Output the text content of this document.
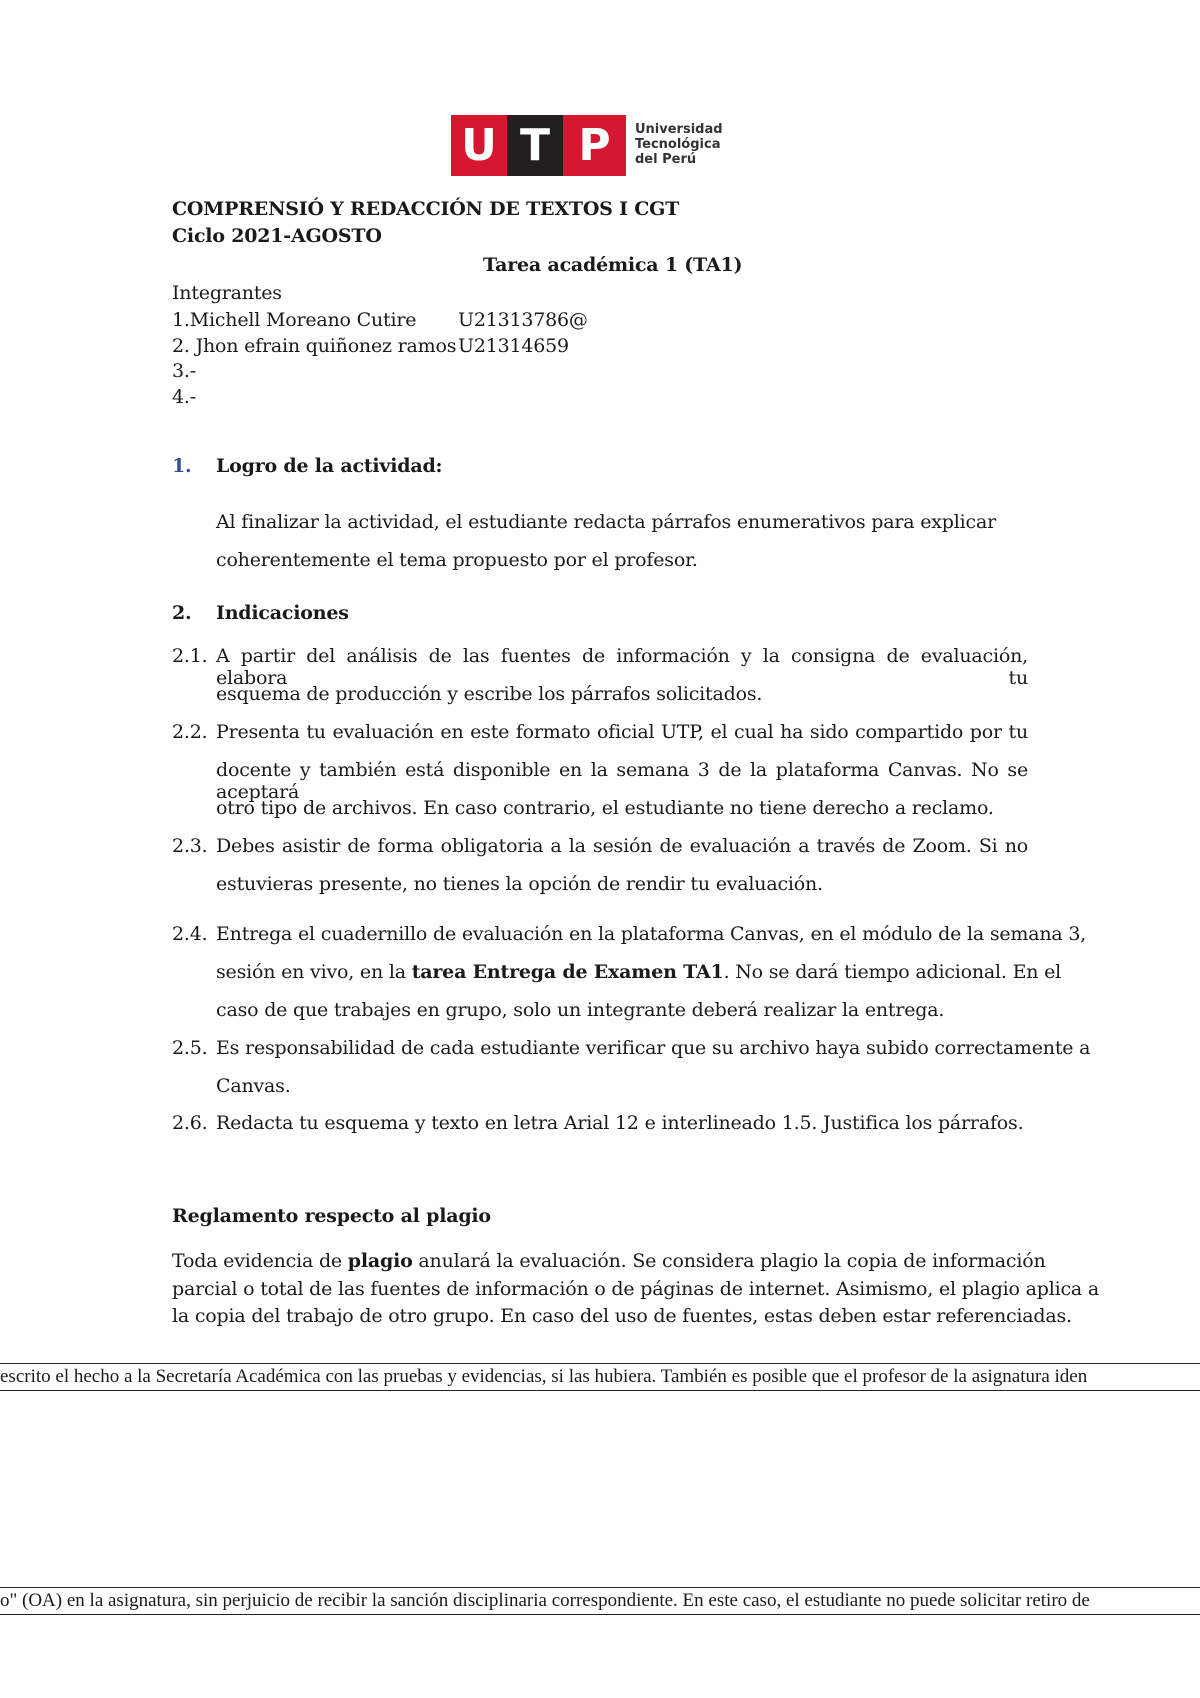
U T P	Universidad
Tecnológica
del Perú
COMPRENSIÓ Y REDACCIÓN DE TEXTOS I CGT
Ciclo 2021-AGOSTO
Tarea académica 1 (TA1)
Integrantes
1.Michell Moreano Cutire U21313786@
2. Jhon efrain quiñonez ramos U21314659
3.-
4.-
1. Logro de la actividad:
Al finalizar la actividad, el estudiante redacta párrafos enumerativos para explicar
coherentemente el tema propuesto por el profesor.
2. Indicaciones
2.1. A partir del análisis de las fuentes de información y la consigna de evaluación, elabora tu
esquema de producción y escribe los párrafos solicitados.
2.2. Presenta tu evaluación en este formato oficial UTP, el cual ha sido compartido por tu
docente y también está disponible en la semana 3 de la plataforma Canvas. No se aceptará
otro tipo de archivos. En caso contrario, el estudiante no tiene derecho a reclamo.
2.3. Debes asistir de forma obligatoria a la sesión de evaluación a través de Zoom. Si no
estuvieras presente, no tienes la opción de rendir tu evaluación.
2.4. Entrega el cuadernillo de evaluación en la plataforma Canvas, en el módulo de la semana 3,
sesión en vivo, en la tarea Entrega de Examen TA1. No se dará tiempo adicional. En el
caso de que trabajes en grupo, solo un integrante deberá realizar la entrega.
2.5. Es responsabilidad de cada estudiante verificar que su archivo haya subido correctamente a
Canvas.
2.6. Redacta tu esquema y texto en letra Arial 12 e interlineado 1.5. Justifica los párrafos.
Reglamento respecto al plagio
Toda evidencia de plagio anulará la evaluación. Se considera plagio la copia de información
parcial o total de las fuentes de información o de páginas de internet. Asimismo, el plagio aplica a
la copia del trabajo de otro grupo. En caso del uso de fuentes, estas deben estar referenciadas.
escrito el hecho a la Secretaría Académica con las pruebas y evidencias, si las hubiera. También es posible que el profesor de la asignatura iden
o" (OA) en la asignatura, sin perjuicio de recibir la sanción disciplinaria correspondiente. En este caso, el estudiante no puede solicitar retiro de
